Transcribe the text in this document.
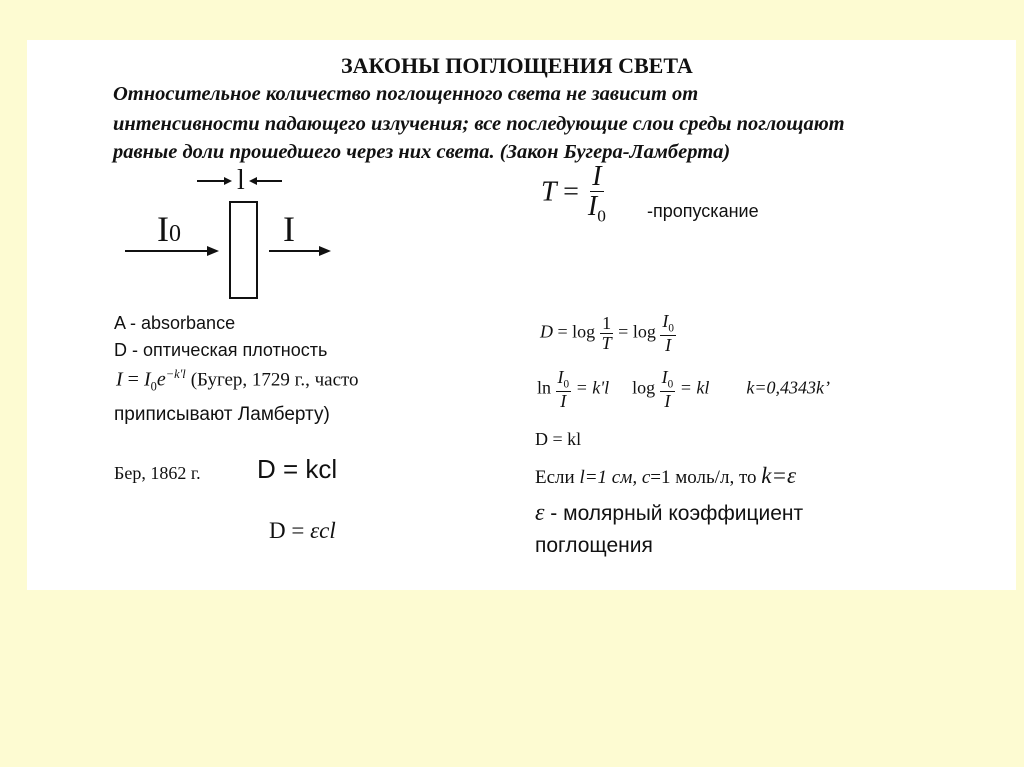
ЗАКОНЫ ПОГЛОЩЕНИЯ СВЕТА
Относительное количество поглощенного света не зависит от
интенсивности падающего излучения; все последующие слои среды поглощают
равные доли прошедшего через них света. (Закон Бугера-Ламберта)
l
I0	I
$T = \frac{I}{I_0}$ -пропускание
A - absorbance
D - оптическая плотность
$I = I_0e^{-k'l}$ (Бугер, 1729 г., часто
приписывают Ламберту)
Бер, 1862 г. D = kcl
D = εcl
$D = \log \frac{1}{T} = \log \frac{I_0}{I}$
$\ln \frac{I_0}{I} = k'l$ $\log \frac{I_0}{I}$ = kl k=0,4343k’
D = kl
Если l=1 см, c=1 моль/л, то k=ε
ε - молярный коэффициент
поглощения
